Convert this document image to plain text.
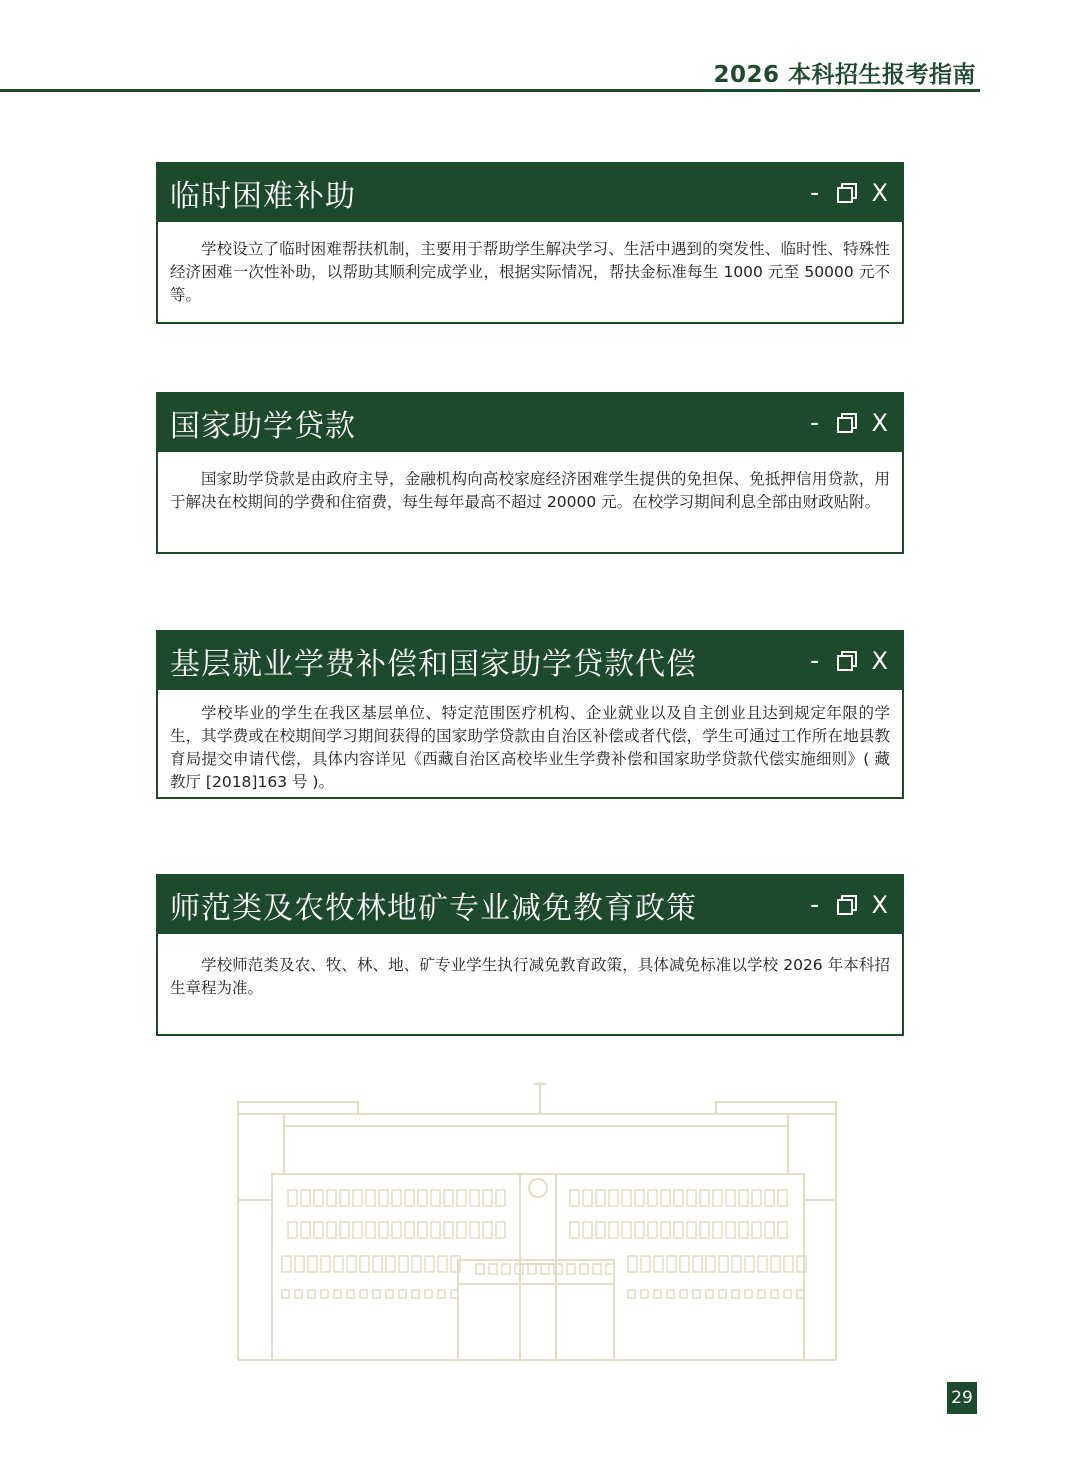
2026 本科招生报考指南
临时困难补助	- X
学校设立了临时困难帮扶机制，主要用于帮助学生解决学习、生活中遇到的突发性、临时性、特殊性经济困难一次性补助，以帮助其顺利完成学业，根据实际情况，帮扶金标准每生 1000 元至 50000 元不等。
国家助学贷款	- X
国家助学贷款是由政府主导，金融机构向高校家庭经济困难学生提供的免担保、免抵押信用贷款，用于解决在校期间的学费和住宿费，每生每年最高不超过 20000 元。在校学习期间利息全部由财政贴附。
基层就业学费补偿和国家助学贷款代偿	- X
学校毕业的学生在我区基层单位、特定范围医疗机构、企业就业以及自主创业且达到规定年限的学生，其学费或在校期间学习期间获得的国家助学贷款由自治区补偿或者代偿，学生可通过工作所在地县教育局提交申请代偿，具体内容详见《西藏自治区高校毕业生学费补偿和国家助学贷款代偿实施细则》( 藏教厅 [2018]163 号 )。
师范类及农牧林地矿专业减免教育政策	- X
学校师范类及农、牧、林、地、矿专业学生执行减免教育政策，具体减免标准以学校 2026 年本科招生章程为准。
29
